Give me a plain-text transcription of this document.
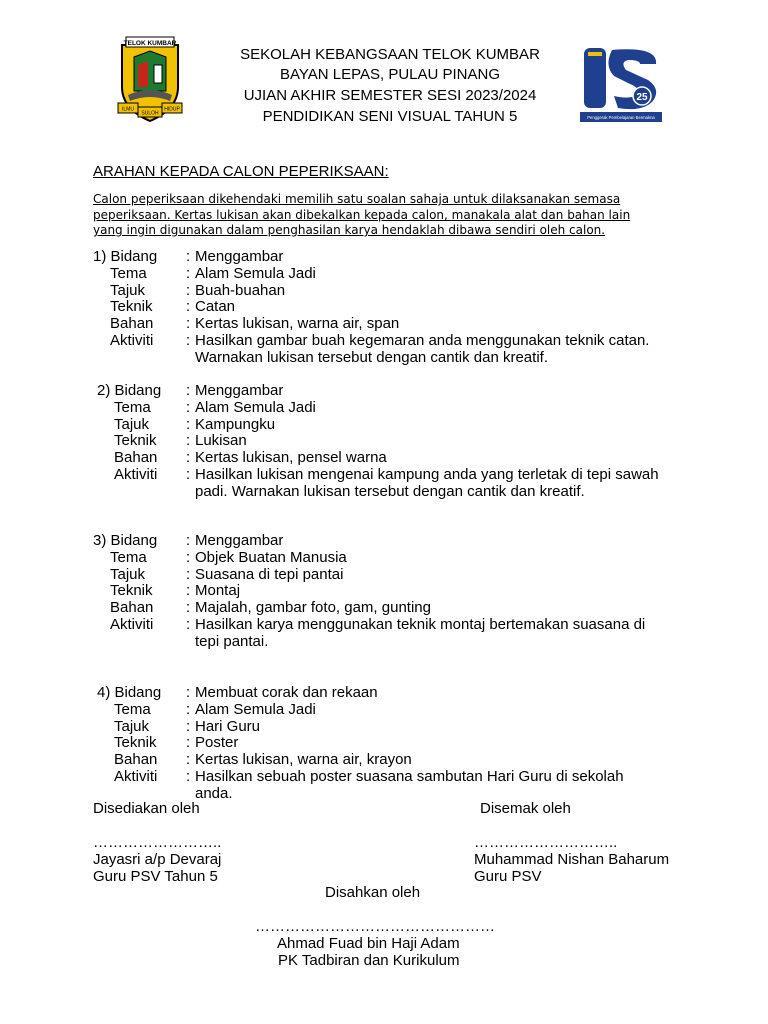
TELOK KUMBAR
ILMU
SULOH
HIDUP
SEKOLAH KEBANGSAAN TELOK KUMBAR
BAYAN LEPAS, PULAU PINANG
UJIAN AKHIR SEMESTER SESI 2023/2024
PENDIDIKAN SENI VISUAL TAHUN 5
25
Penggerak Pembelajaran Bermakna
ARAHAN KEPADA CALON PEPERIKSAAN:
Calon peperiksaan dikehendaki memilih satu soalan sahaja untuk dilaksanakan semasa
peperiksaan. Kertas lukisan akan dibekalkan kepada calon, manakala alat dan bahan lain
yang ingin digunakan dalam penghasilan karya hendaklah dibawa sendiri oleh calon.
1) Bidang : Menggambar
Tema	: Alam Semula Jadi
Tajuk	: Buah-buahan
Teknik : Catan
Bahan : Kertas lukisan, warna air, span
Aktiviti : Hasilkan gambar buah kegemaran anda menggunakan teknik catan.
Warnakan lukisan tersebut dengan cantik dan kreatif.
2) Bidang : Menggambar
Tema : Alam Semula Jadi
Tajuk : Kampungku
Teknik : Lukisan
Bahan : Kertas lukisan, pensel warna
Aktiviti : Hasilkan lukisan mengenai kampung anda yang terletak di tepi sawah
padi. Warnakan lukisan tersebut dengan cantik dan kreatif.
3) Bidang : Menggambar
Tema	: Objek Buatan Manusia
Tajuk	: Suasana di tepi pantai
Teknik : Montaj
Bahan : Majalah, gambar foto, gam, gunting
Aktiviti : Hasilkan karya menggunakan teknik montaj bertemakan suasana di
tepi pantai.
4) Bidang : Membuat corak dan rekaan
Tema : Alam Semula Jadi
Tajuk : Hari Guru
Teknik : Poster
Bahan : Kertas lukisan, warna air, krayon
Aktiviti : Hasilkan sebuah poster suasana sambutan Hari Guru di sekolah
anda.
Disediakan oleh	Disemak oleh
……………………..	………………………..
Jayasri a/p Devaraj	Muhammad Nishan Baharum
Guru PSV Tahun 5	Guru PSV
Disahkan oleh
…………………………………………
Ahmad Fuad bin Haji Adam
PK Tadbiran dan Kurikulum
